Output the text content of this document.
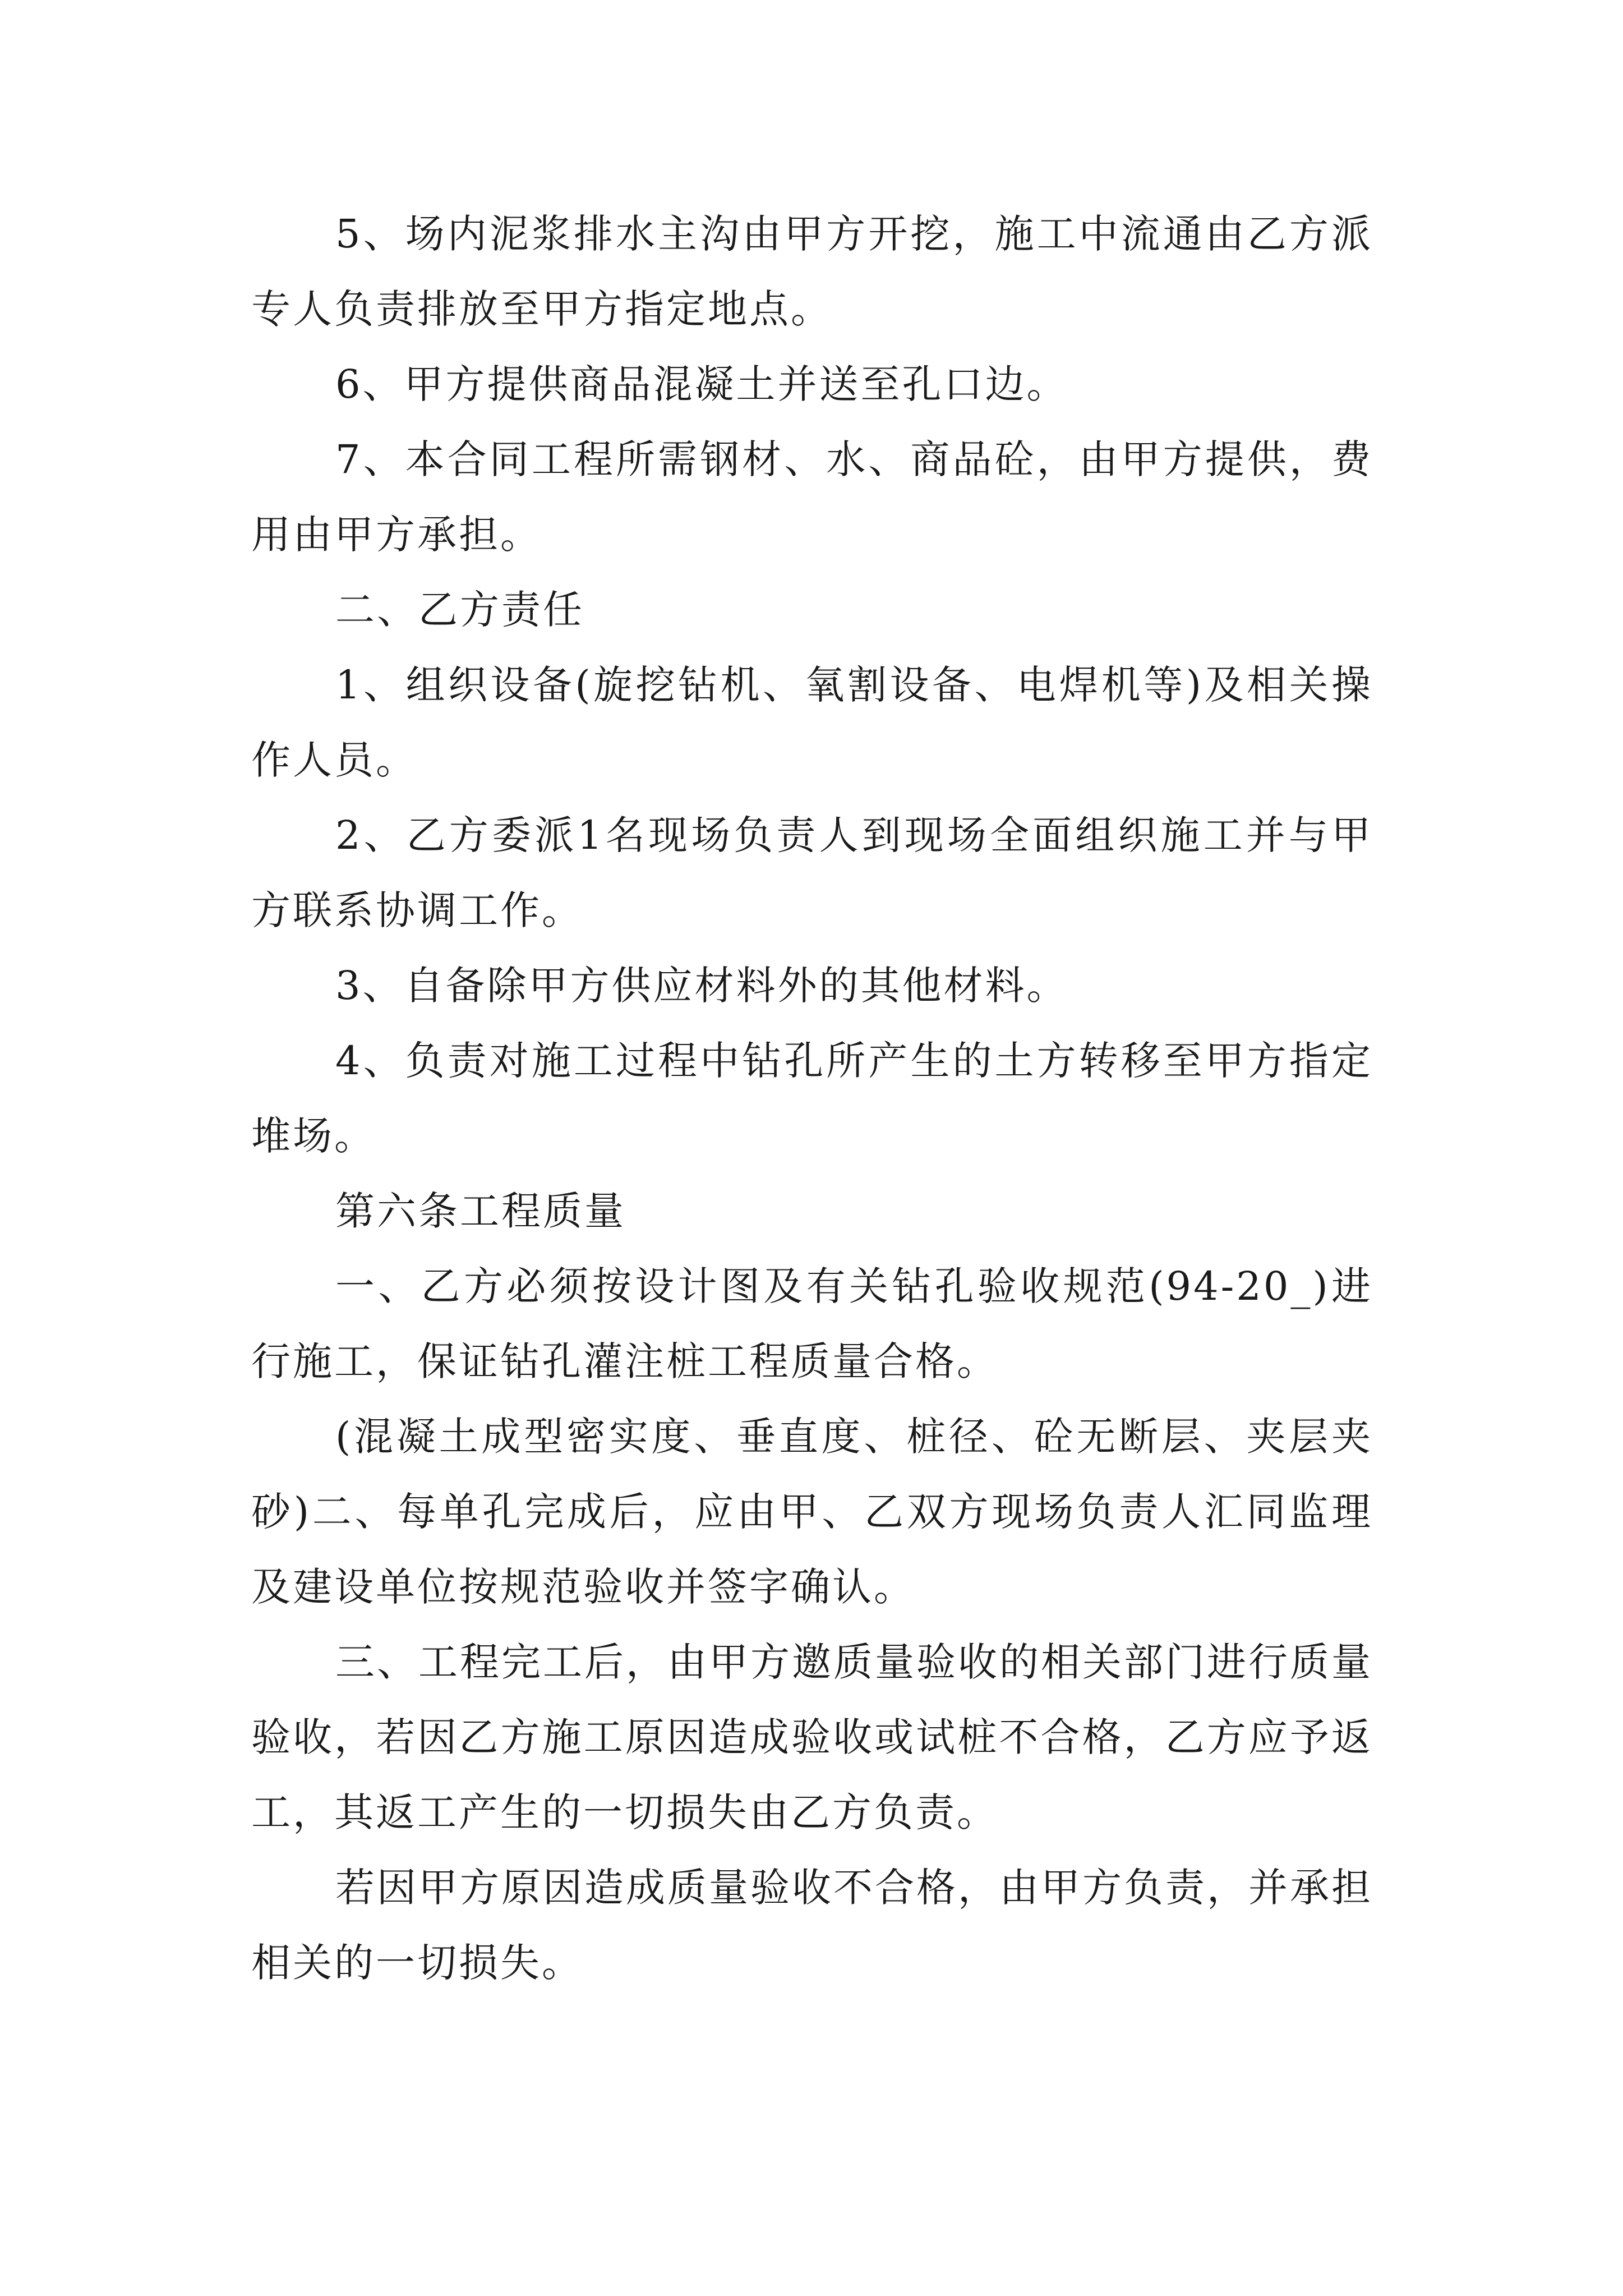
5、场内泥浆排水主沟由甲方开挖，施工中流通由乙方派专人负责排放至甲方指定地点。

6、甲方提供商品混凝土并送至孔口边。

7、本合同工程所需钢材、水、商品砼，由甲方提供，费用由甲方承担。

二、乙方责任

1、组织设备(旋挖钻机、氧割设备、电焊机等)及相关操作人员。

2、乙方委派1名现场负责人到现场全面组织施工并与甲方联系协调工作。

3、自备除甲方供应材料外的其他材料。

4、负责对施工过程中钻孔所产生的土方转移至甲方指定堆场。

第六条工程质量

一、乙方必须按设计图及有关钻孔验收规范(94-20_)进行施工，保证钻孔灌注桩工程质量合格。

(混凝土成型密实度、垂直度、桩径、砼无断层、夹层夹砂)二、每单孔完成后，应由甲、乙双方现场负责人汇同监理及建设单位按规范验收并签字确认。

三、工程完工后，由甲方邀质量验收的相关部门进行质量验收，若因乙方施工原因造成验收或试桩不合格，乙方应予返工，其返工产生的一切损失由乙方负责。

若因甲方原因造成质量验收不合格，由甲方负责，并承担相关的一切损失。
